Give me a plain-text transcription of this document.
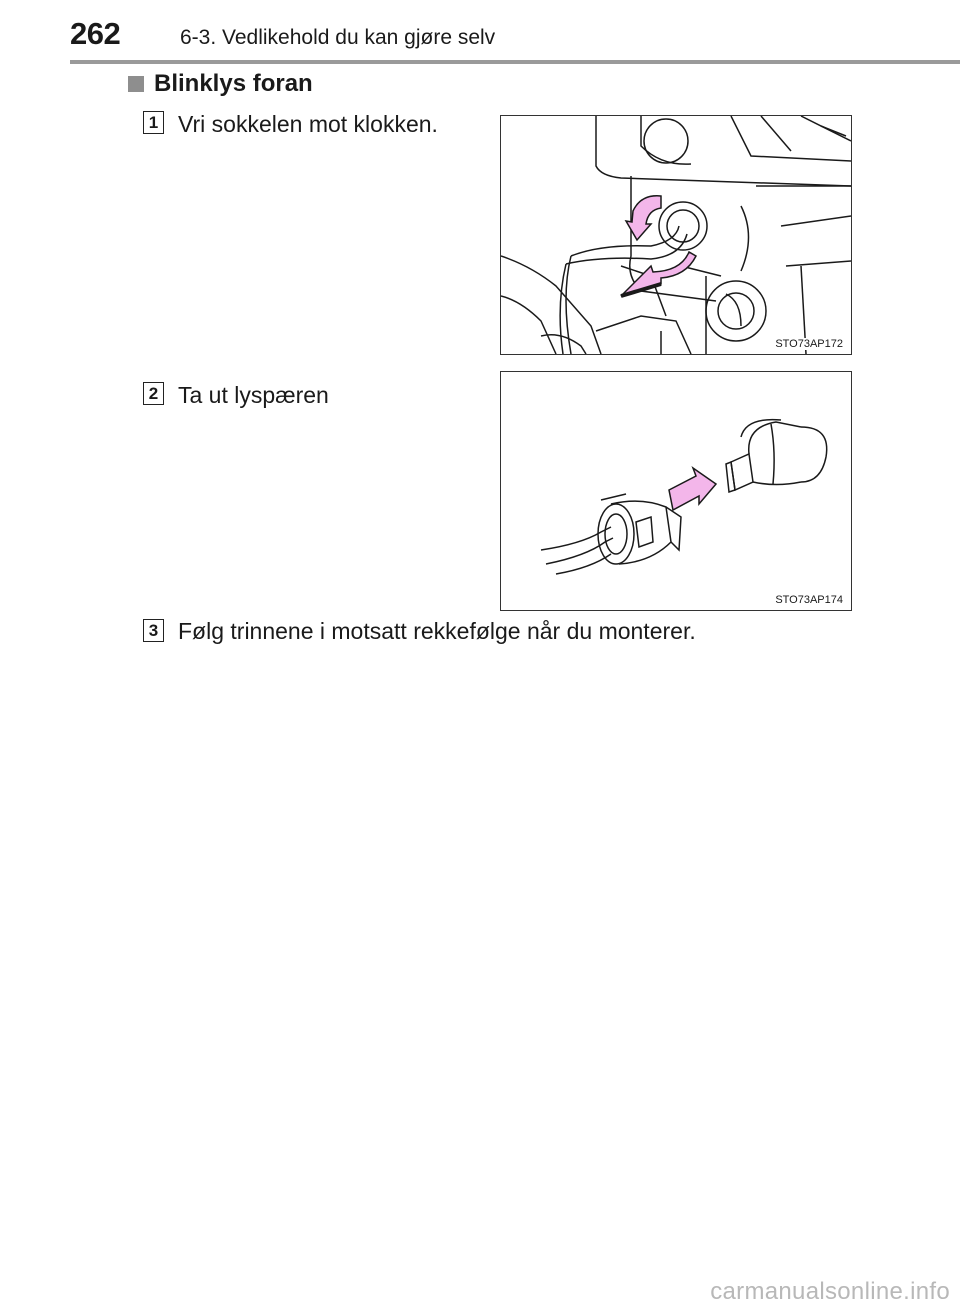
262	6-3. Vedlikehold du kan gjøre selv
Blinklys foran
1 Vri sokkelen mot klokken.
STO73AP172
2 Ta ut lyspæren
STO73AP174
3 Følg trinnene i motsatt rekkefølge når du monterer.
carmanualsonline.info
